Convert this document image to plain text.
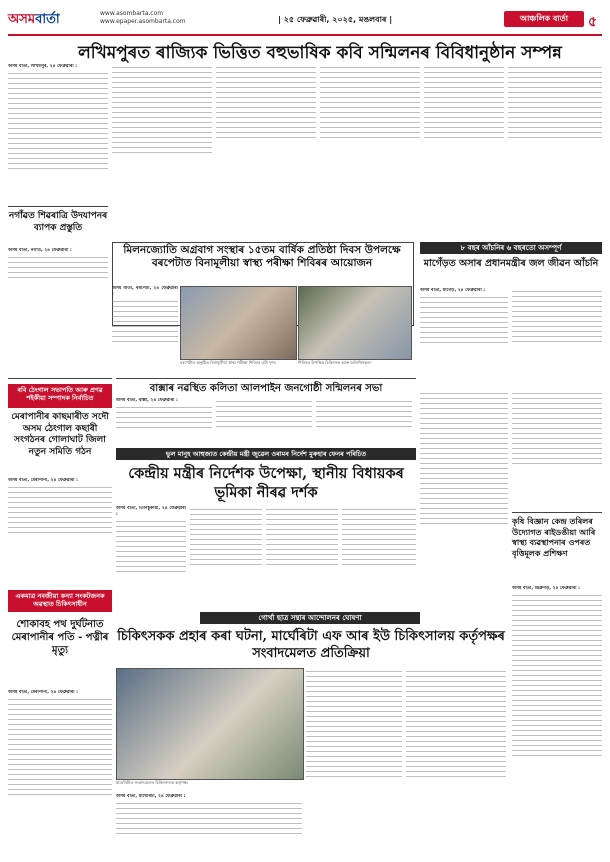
অসমবাৰ্তা	www.asombarta.com
www.epaper.asombarta.com	| ২৫ ফেব্ৰুৱাৰী, ২০২৫, মঙলবাৰ |	আঞ্চলিক বাৰ্তা	৫
লখিমপুৰত ৰাজ্যিক ভিত্তিত বহুভাষিক কবি সন্মিলনৰ বিবিধানুষ্ঠান সম্পন্ন
অসম বাৰ্তা, লখিমপুৰ, ২৪ ফেব্ৰুৱাৰী :
নগাঁৱত শিৱৰাত্ৰি উদযাপনৰ ব্যাপক প্ৰস্তুতি
অসম বাৰ্তা, নগাঁও, ২৪ ফেব্ৰুৱাৰী :	মিলনজ্যোতি অগ্ৰবাগ সংস্থাৰ ১৫তম বাৰ্ষিক প্ৰতিষ্ঠা দিবস উপলক্ষে বৰপেটাত বিনামূলীয়া স্বাস্থ্য পৰীক্ষা শিবিৰৰ আয়োজন
অসম বাৰ্তা, বৰপেটা, ২৪ ফেব্ৰুৱাৰী :
বৰপেটাত অনুষ্ঠিত বিনামূলীয়া স্বাস্থ্য পৰীক্ষা শিবিৰৰ এটা দৃশ্য।	শিবিৰত উপস্থিত চিকিৎসক আৰু অতিথিসকল।
৮ বছৰ আঁচনিৰ ৬ বছৰতো অসম্পূৰ্ণ
মাগেঁড়ত অসাৰ প্ৰধানমন্ত্ৰীৰ জল জীৱন আঁচনি
অসম বাৰ্তা, মাগেঁড়, ২৪ ফেব্ৰুৱাৰী :
ৰবি ঠেংগাল সভাপতি আৰু প্ৰণৱ শইকীয়া সম্পাদক নিৰ্বাচিত
মেৰাপানীৰ কাছমাৰীত সদৌ অসম ঠেংগাল কছাৰী সংগঠনৰ গোলাঘাট জিলা নতুন সমিতি গঠন
অসম বাৰ্তা, মেৰাপানী, ২৪ ফেব্ৰুৱাৰী :
একমাত্ৰ নবজীয়া কন্যা সংকটজনক অৱস্থাত চিকিৎসাধীন
শোকাবহ পথ দুৰ্ঘটনাত মেৰাপানীৰ পতি - পত্নীৰ মৃত্যু
অসম বাৰ্তা, মেৰাপানী, ২৪ ফেব্ৰুৱাৰী :
বাক্সাৰ নৱস্থিত কলিতা আলপাইন জনগোষ্ঠী সন্মিলনৰ সভা
অসম বাৰ্তা, বাক্সা, ২৪ ফেব্ৰুৱাৰী :
ভুল মানুহ আহুজ্যত কেন্দ্ৰীয় মন্ত্ৰী জুৱেল ওৰামৰ নিৰ্দেশ মুৰুহাৰ ফেনৰ পৰিচিত
কেন্দ্ৰীয় মন্ত্ৰীৰ নিৰ্দেশক উপেক্ষা, স্থানীয় বিধায়কৰ ভূমিকা নীৰৱ দৰ্শক
অসম বাৰ্তা, তিনিচুকীয়া, ২৪ ফেব্ৰুৱাৰী :
কৃষি বিজ্ঞান কেন্দ্ৰ তৰিলৰ উদ্যোগত ৰাইডঙীয়া আৰি স্বাস্থ্য ব্যৱস্থাপনাৰ ওপৰত বৃত্তিমূলক প্ৰশিক্ষণ
অসম বাৰ্তা, ডিব্ৰুগড়, ২৪ ফেব্ৰুৱাৰী :
গোৰ্খা ছাত্ৰ সন্থাৰ আন্দোলনৰ ঘোষণা
চিকিৎসকক প্ৰহাৰ কৰা ঘটনা, মাৰ্ঘেৰিটা এফ আৰ ইউ চিকিৎসালয় কৰ্তৃপক্ষৰ সংবাদমেলত প্ৰতিক্ৰিয়া
মাৰ্ঘেৰিটাত সংবাদমেলত চিকিৎসালয় কৰ্তৃপক্ষ।
অসম বাৰ্তা, মাৰ্ঘেৰিটা, ২৪ ফেব্ৰুৱাৰী :
